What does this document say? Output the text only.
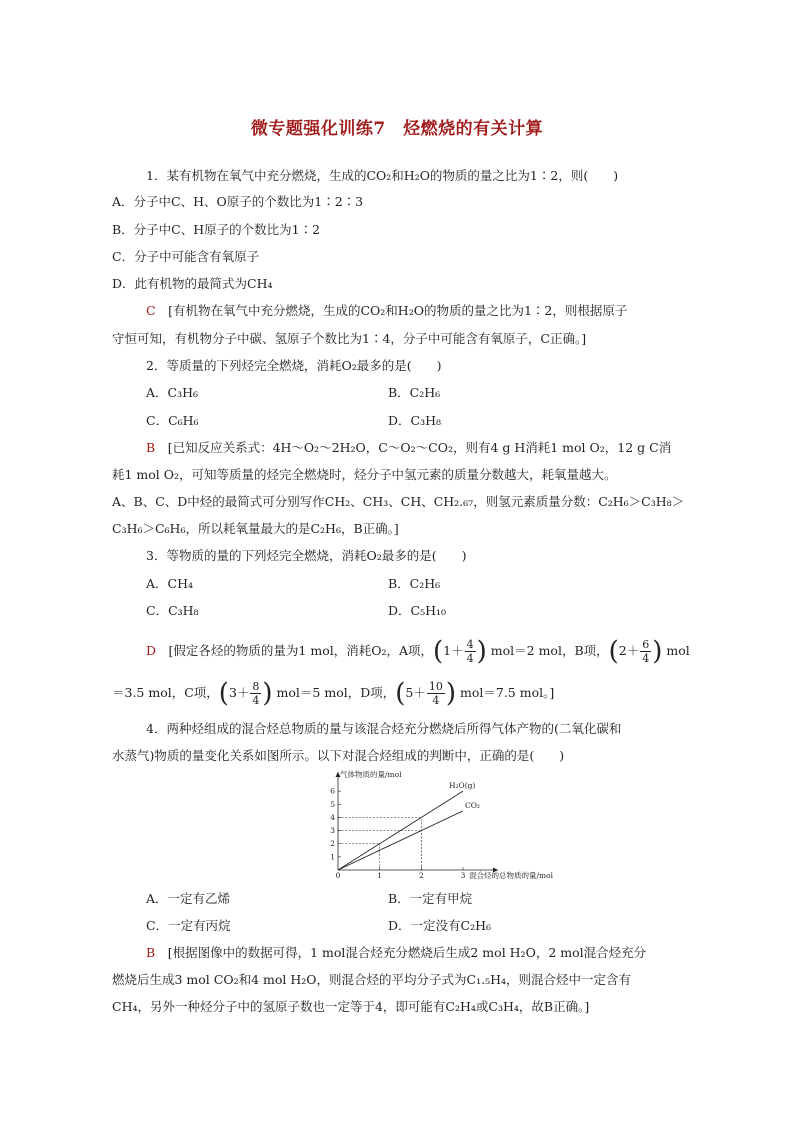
微专题强化训练7　烃燃烧的有关计算
1．某有机物在氧气中充分燃烧，生成的CO₂和H₂O的物质的量之比为1∶2，则(　　)
A．分子中C、H、O原子的个数比为1∶2∶3
B．分子中C、H原子的个数比为1∶2
C．分子中可能含有氧原子
D．此有机物的最简式为CH₄
C　 [有机物在氧气中充分燃烧，生成的CO₂和H₂O的物质的量之比为1∶2，则根据原子
守恒可知，有机物分子中碳、氢原子个数比为1∶4，分子中可能含有氧原子，C正确。]
2．等质量的下列烃完全燃烧，消耗O₂最多的是(　　)
A．C₃H₆	B．C₂H₆
C．C₆H₆	D．C₃H₈
B　 [已知反应关系式：4H～O₂～2H₂O，C～O₂～CO₂，则有4 g H消耗1 mol O₂，12 g C消
耗1 mol O₂，可知等质量的烃完全燃烧时，烃分子中氢元素的质量分数越大，耗氧量越大。
A、B、C、D中烃的最简式可分别写作CH₂、CH₃、CH、CH₂.₆₇，则氢元素质量分数：C₂H₆＞C₃H₈＞
C₃H₆＞C₆H₆，所以耗氧量最大的是C₂H₆，B正确。]
3．等物质的量的下列烃完全燃烧，消耗O₂最多的是(　　)
A．CH₄	B．C₂H₆
C．C₃H₈	D．C₅H₁₀
D　 [假定各烃的物质的量为1 mol，消耗O₂，A项，($1+ \frac{4}{4}$ ) mol＝2 mol，B项，($2+ \frac{6}{4}$ ) mol
＝3.5 mol，C项，($3+ \frac{8}{4}$ ) mol＝5 mol，D项，($5+ \frac{10}{4}$ ) mol＝7.5 mol。]
4．两种烃组成的混合烃总物质的量与该混合烃充分燃烧后所得气体产物的(二氧化碳和
水蒸气)物质的量变化关系如图所示。以下对混合烃组成的判断中，正确的是(　　)
1
2
3
4
5
6
0	1	2	3
H₂O(g)
CO₂
气体物质的量/mol
混合烃的总物质的量/mol
A．一定有乙烯	B．一定有甲烷
C．一定有丙烷	D．一定没有C₂H₆
B　 [根据图像中的数据可得，1 mol混合烃充分燃烧后生成2 mol H₂O，2 mol混合烃充分
燃烧后生成3 mol CO₂和4 mol H₂O，则混合烃的平均分子式为C₁.₅H₄，则混合烃中一定含有
CH₄，另外一种烃分子中的氢原子数也一定等于4，即可能有C₂H₄或C₃H₄，故B正确。]
